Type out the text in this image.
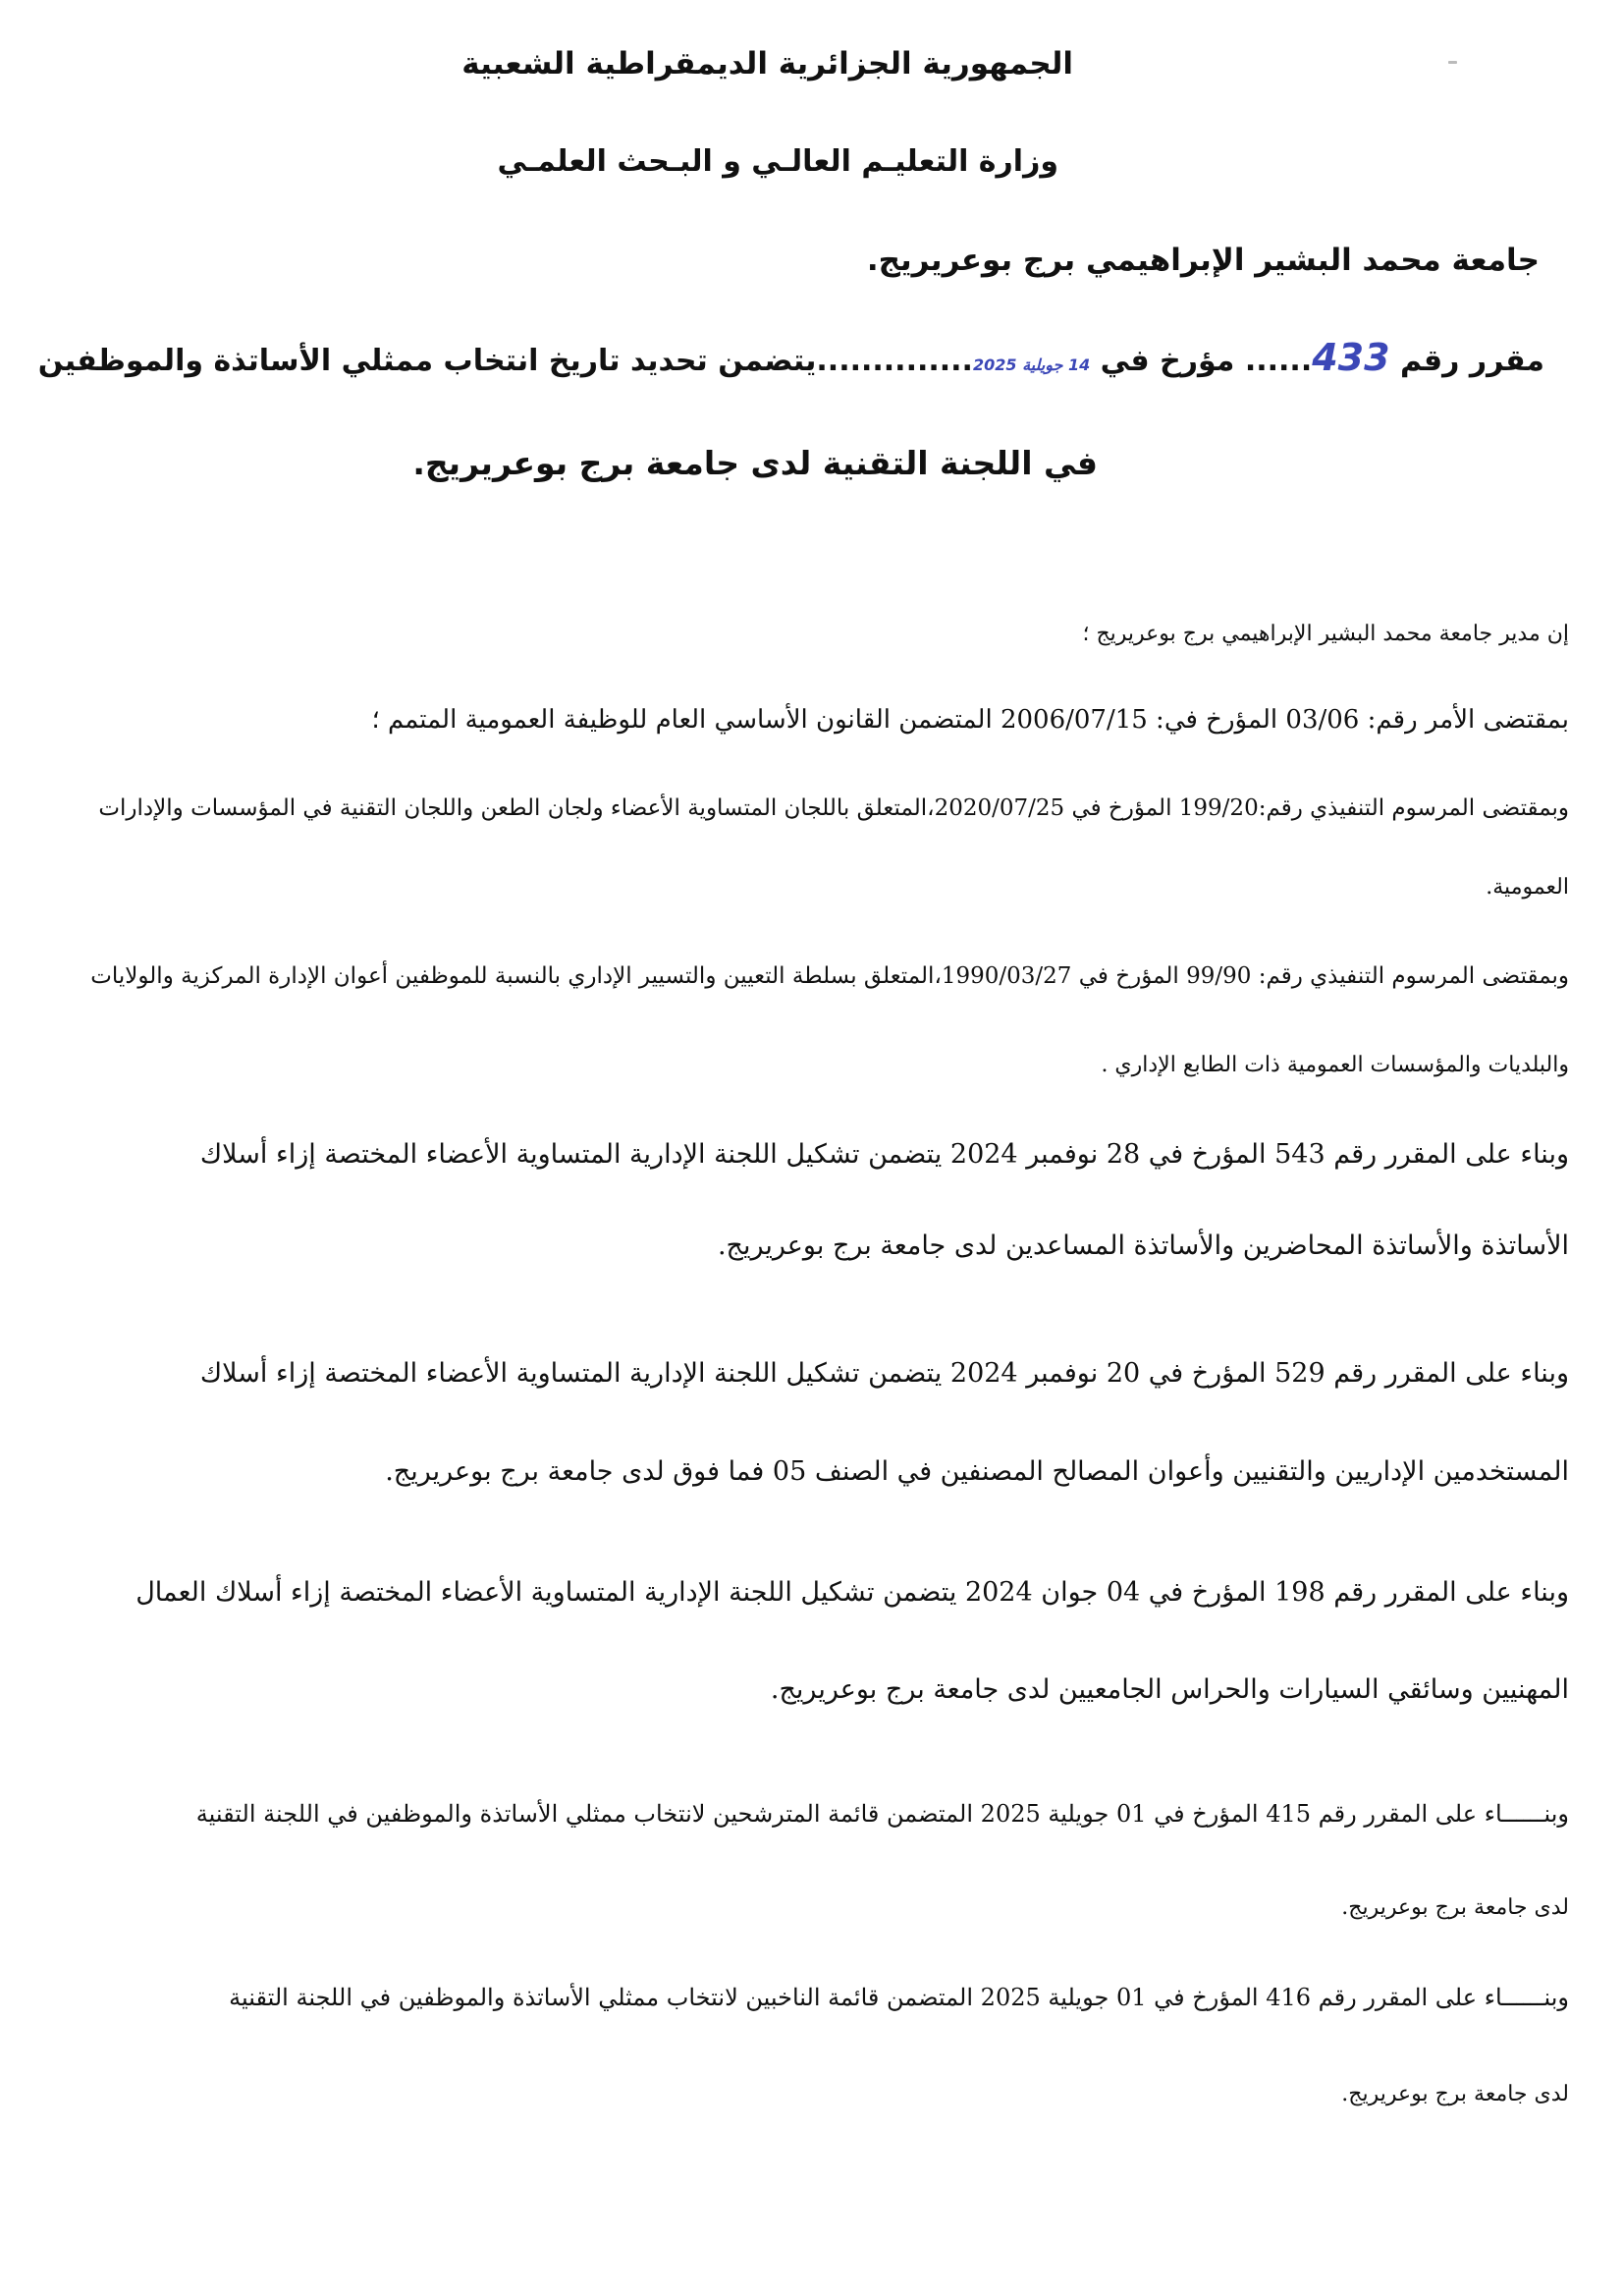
الجمهورية الجزائرية الديمقراطية الشعبية
وزارة التعليـم العالـي و البـحث العلمـي
جامعة محمد البشير الإبراهيمي برج بوعريريج.
مقرر رقم 433...... مؤرخ في 14 جويلية 2025..............يتضمن تحديد تاريخ انتخاب ممثلي الأساتذة والموظفين
في اللجنة التقنية لدى جامعة برج بوعريريج.
إن مدير جامعة محمد البشير الإبراهيمي برج بوعريريج ؛
بمقتضى الأمر رقم: 03/06 المؤرخ في: 2006/07/15 المتضمن القانون الأساسي العام للوظيفة العمومية المتمم ؛
وبمقتضى المرسوم التنفيذي رقم:199/20 المؤرخ في 2020/07/25،المتعلق باللجان المتساوية الأعضاء ولجان الطعن واللجان التقنية في المؤسسات والإدارات
العمومية.
وبمقتضى المرسوم التنفيذي رقم: 99/90 المؤرخ في 1990/03/27،المتعلق بسلطة التعيين والتسيير الإداري بالنسبة للموظفين أعوان الإدارة المركزية والولايات
والبلديات والمؤسسات العمومية ذات الطابع الإداري .
وبناء على المقرر رقم 543 المؤرخ في 28 نوفمبر 2024 يتضمن تشكيل اللجنة الإدارية المتساوية الأعضاء المختصة إزاء أسلاك
الأساتذة والأساتذة المحاضرين والأساتذة المساعدين لدى جامعة برج بوعريريج.
وبناء على المقرر رقم 529 المؤرخ في 20 نوفمبر 2024 يتضمن تشكيل اللجنة الإدارية المتساوية الأعضاء المختصة إزاء أسلاك
المستخدمين الإداريين والتقنيين وأعوان المصالح المصنفين في الصنف 05 فما فوق لدى جامعة برج بوعريريج.
وبناء على المقرر رقم 198 المؤرخ في 04 جوان 2024 يتضمن تشكيل اللجنة الإدارية المتساوية الأعضاء المختصة إزاء أسلاك العمال
المهنيين وسائقي السيارات والحراس الجامعيين لدى جامعة برج بوعريريج.
وبنــــــاء على المقرر رقم 415 المؤرخ في 01 جويلية 2025 المتضمن قائمة المترشحين لانتخاب ممثلي الأساتذة والموظفين في اللجنة التقنية
لدى جامعة برج بوعريريج.
وبنــــــاء على المقرر رقم 416 المؤرخ في 01 جويلية 2025 المتضمن قائمة الناخبين لانتخاب ممثلي الأساتذة والموظفين في اللجنة التقنية
لدى جامعة برج بوعريريج.
